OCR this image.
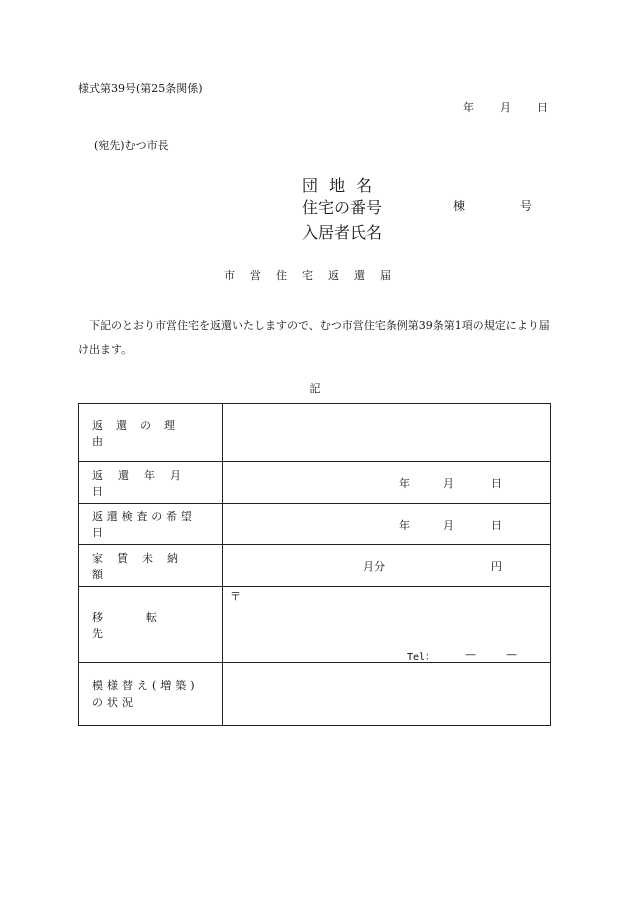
様式第39号(第25条関係)
年 月 日
(宛先)むつ市長
団 地 名
住宅の番号	棟	号
入居者氏名
市営住宅返還届

下記のとおり市営住宅を返還いたしますので、むつ市営住宅条例第39条第1項の規定により届け出ます。

記
返還の理由	

返還年月日	年 月 日

返還検査の希望日	年 月 日

家賃未納額	月分 円

移転先	〒
Tel： — —

模様替え(増築)の状況	
